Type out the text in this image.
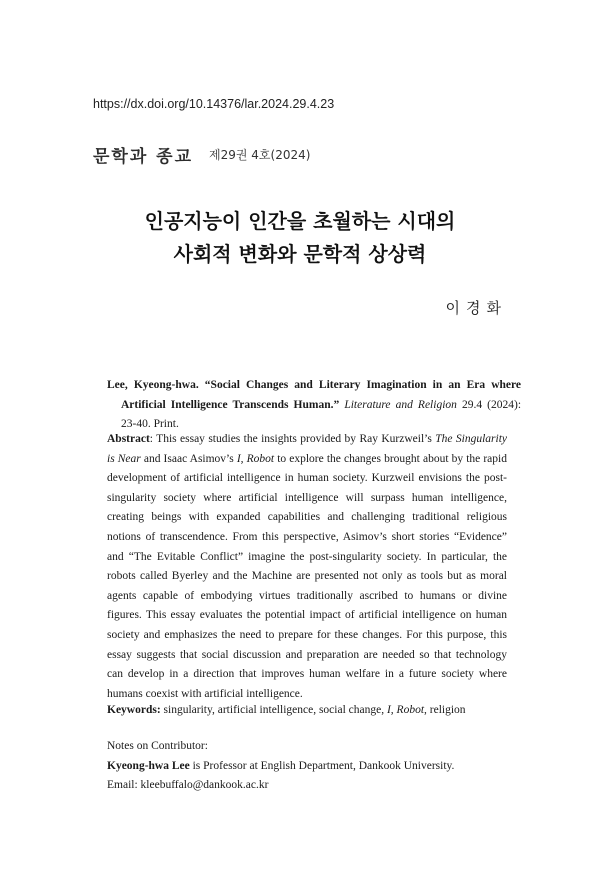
https://dx.doi.org/10.14376/lar.2024.29.4.23
문학과 종교 제29권 4호(2024)
인공지능이 인간을 초월하는 시대의
사회적 변화와 문학적 상상력
이경화
Lee, Kyeong-hwa. “Social Changes and Literary Imagination in an Era where Artificial Intelligence Transcends Human.” Literature and Religion 29.4 (2024): 23-40. Print.
Abstract: This essay studies the insights provided by Ray Kurzweil’s The Singularity is Near and Isaac Asimov’s I, Robot to explore the changes brought about by the rapid development of artificial intelligence in human society. Kurzweil envisions the post-singularity society where artificial intelligence will surpass human intelligence, creating beings with expanded capabilities and challenging traditional religious notions of transcendence. From this perspective, Asimov’s short stories “Evidence” and “The Evitable Conflict” imagine the post-singularity society. In particular, the robots called Byerley and the Machine are presented not only as tools but as moral agents capable of embodying virtues traditionally ascribed to humans or divine figures. This essay evaluates the potential impact of artificial intelligence on human society and emphasizes the need to prepare for these changes. For this purpose, this essay suggests that social discussion and preparation are needed so that technology can develop in a direction that improves human welfare in a future society where humans coexist with artificial intelligence.
Keywords: singularity, artificial intelligence, social change, I, Robot, religion
Notes on Contributor:
Kyeong-hwa Lee is Professor at English Department, Dankook University.
Email: kleebuffalo@dankook.ac.kr
